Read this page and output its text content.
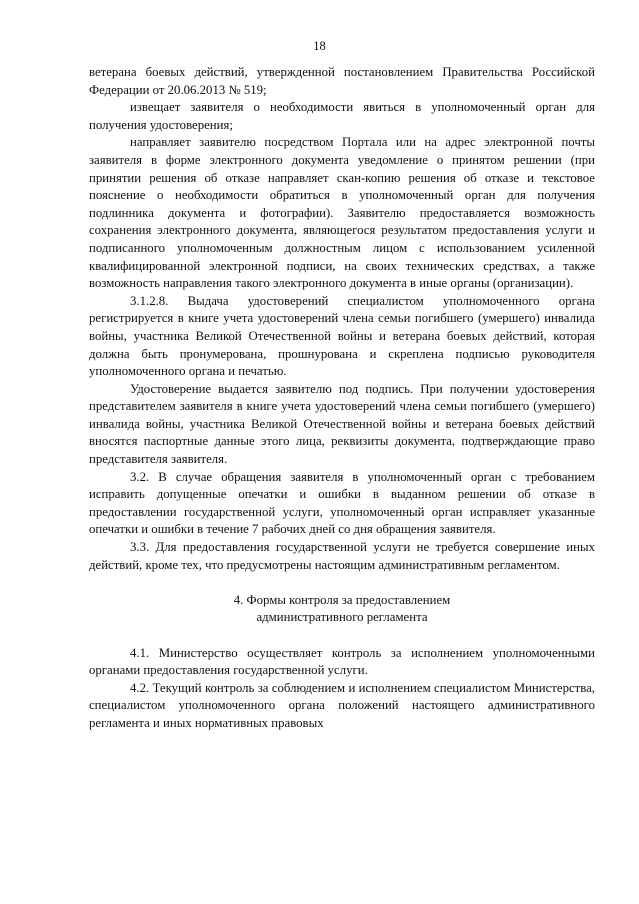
18

ветерана боевых действий, утвержденной постановлением Правительства Российской Федерации от 20.06.2013 № 519;

извещает заявителя о необходимости явиться в уполномоченный орган для получения удостоверения;

направляет заявителю посредством Портала или на адрес электронной почты заявителя в форме электронного документа уведомление о принятом решении (при принятии решения об отказе направляет скан-копию решения об отказе и текстовое пояснение о необходимости обратиться в уполномоченный орган для получения подлинника документа и фотографии). Заявителю предоставляется возможность сохранения электронного документа, являющегося результатом предоставления услуги и подписанного уполномоченным должностным лицом с использованием усиленной квалифицированной электронной подписи, на своих технических средствах, а также возможность направления такого электронного документа в иные органы (организации).

3.1.2.8. Выдача удостоверений специалистом уполномоченного органа регистрируется в книге учета удостоверений члена семьи погибшего (умершего) инвалида войны, участника Великой Отечественной войны и ветерана боевых действий, которая должна быть пронумерована, прошнурована и скреплена подписью руководителя уполномоченного органа и печатью.

Удостоверение выдается заявителю под подпись. При получении удостоверения представителем заявителя в книге учета удостоверений члена семьи погибшего (умершего) инвалида войны, участника Великой Отечественной войны и ветерана боевых действий вносятся паспортные данные этого лица, реквизиты документа, подтверждающие право представителя заявителя.

3.2. В случае обращения заявителя в уполномоченный орган с требованием исправить допущенные опечатки и ошибки в выданном решении об отказе в предоставлении государственной услуги, уполномоченный орган исправляет указанные опечатки и ошибки в течение 7 рабочих дней со дня обращения заявителя.

3.3. Для предоставления государственной услуги не требуется совершение иных действий, кроме тех, что предусмотрены настоящим административным регламентом.

4. Формы контроля за предоставлением

административного регламента

4.1. Министерство осуществляет контроль за исполнением уполномоченными органами предоставления государственной услуги.

4.2. Текущий контроль за соблюдением и исполнением специалистом Министерства, специалистом уполномоченного органа положений настоящего административного регламента и иных нормативных правовых
